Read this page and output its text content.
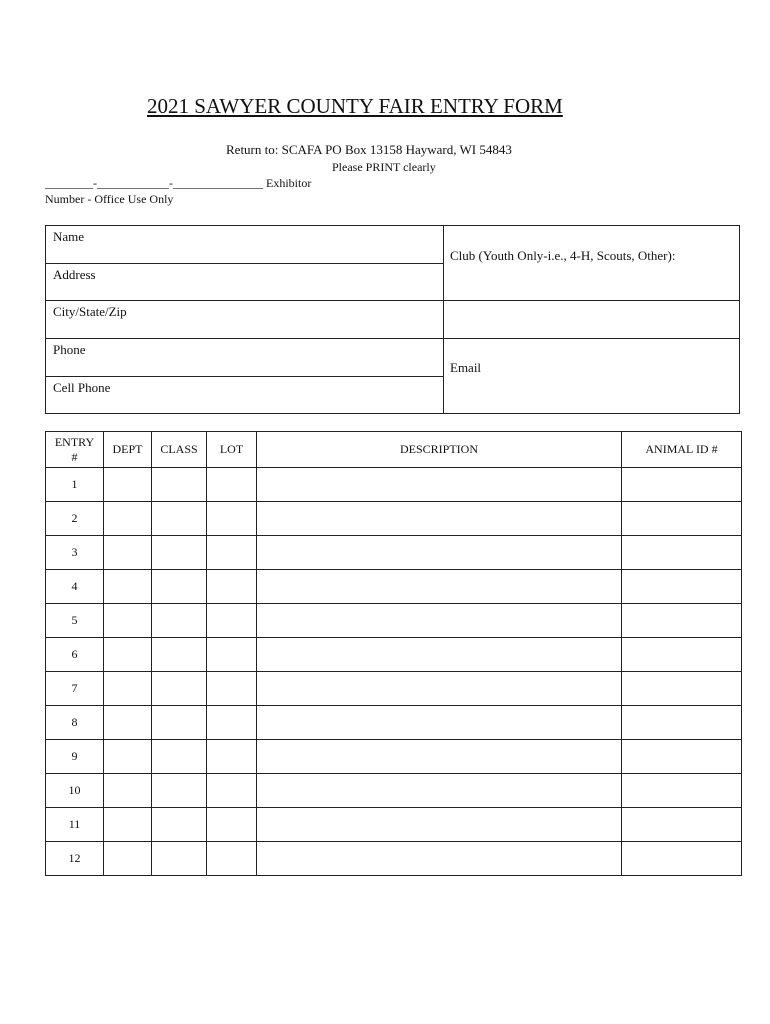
2021 SAWYER COUNTY FAIR ENTRY FORM
Return to: SCAFA PO Box 13158 Hayward, WI 54843
Please PRINT clearly
________-____________-_______________ Exhibitor
Number - Office Use Only
Name
Address
City/State/Zip
Phone
Cell Phone
Club (Youth Only-i.e., 4-H, Scouts, Other):
Email
ENTRY
#	DEPT	CLASS	LOT	DESCRIPTION	ANIMAL ID #
1					
2					
3					
4					
5					
6					
7					
8					
9					
10					
11					
12					
